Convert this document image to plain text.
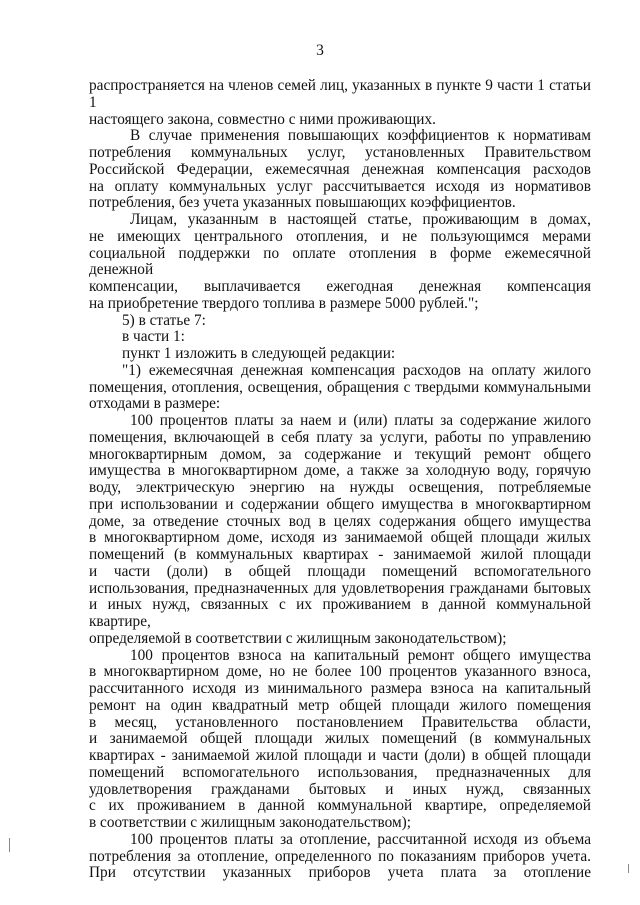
3

распространяется на членов семей лиц, указанных в пункте 9 части 1 статьи 1

настоящего закона, совместно с ними проживающих.

В случае применения повышающих коэффициентов к нормативам

потребления коммунальных услуг, установленных Правительством

Российской Федерации, ежемесячная денежная компенсация расходов

на оплату коммунальных услуг рассчитывается исходя из нормативов

потребления, без учета указанных повышающих коэффициентов.

Лицам, указанным в настоящей статье, проживающим в домах,

не имеющих центрального отопления, и не пользующимся мерами

социальной поддержки по оплате отопления в форме ежемесячной денежной

компенсации, выплачивается ежегодная денежная компенсация

на приобретение твердого топлива в размере 5000 рублей.";

5) в статье 7:

в части 1:

пункт 1 изложить в следующей редакции:

"1) ежемесячная денежная компенсация расходов на оплату жилого

помещения, отопления, освещения, обращения с твердыми коммунальными

отходами в размере:

100 процентов платы за наем и (или) платы за содержание жилого

помещения, включающей в себя плату за услуги, работы по управлению

многоквартирным домом, за содержание и текущий ремонт общего

имущества в многоквартирном доме, а также за холодную воду, горячую

воду, электрическую энергию на нужды освещения, потребляемые

при использовании и содержании общего имущества в многоквартирном

доме, за отведение сточных вод в целях содержания общего имущества

в многоквартирном доме, исходя из занимаемой общей площади жилых

помещений (в коммунальных квартирах - занимаемой жилой площади

и части (доли) в общей площади помещений вспомогательного

использования, предназначенных для удовлетворения гражданами бытовых

и иных нужд, связанных с их проживанием в данной коммунальной квартире,

определяемой в соответствии с жилищным законодательством);

100 процентов взноса на капитальный ремонт общего имущества

в многоквартирном доме, но не более 100 процентов указанного взноса,

рассчитанного исходя из минимального размера взноса на капитальный

ремонт на один квадратный метр общей площади жилого помещения

в месяц, установленного постановлением Правительства области,

и занимаемой общей площади жилых помещений (в коммунальных

квартирах - занимаемой жилой площади и части (доли) в общей площади

помещений вспомогательного использования, предназначенных для

удовлетворения гражданами бытовых и иных нужд, связанных

с их проживанием в данной коммунальной квартире, определяемой

в соответствии с жилищным законодательством);

100 процентов платы за отопление, рассчитанной исходя из объема

потребления за отопление, определенного по показаниям приборов учета.

При отсутствии указанных приборов учета плата за отопление
